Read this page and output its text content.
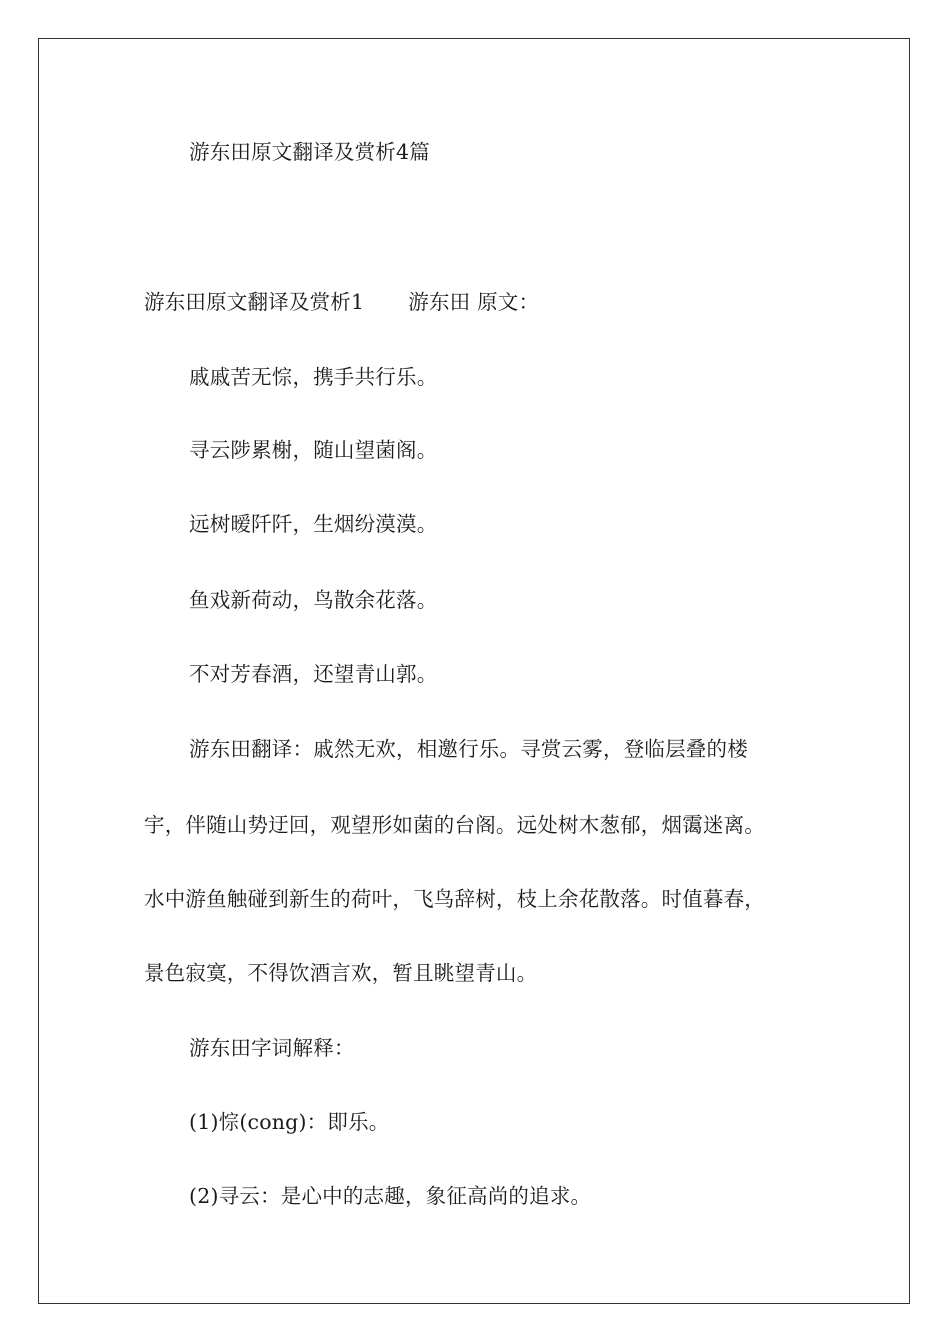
游东田原文翻译及赏析4篇
游东田原文翻译及赏析1 游东田 原文：
戚戚苦无悰，携手共行乐。
寻云陟累榭，随山望菌阁。
远树暧阡阡，生烟纷漠漠。
鱼戏新荷动，鸟散余花落。
不对芳春酒，还望青山郭。
游东田翻译：戚然无欢，相邀行乐。寻赏云雾，登临层叠的楼
宇，伴随山势迂回，观望形如菌的台阁。远处树木葱郁，烟霭迷离。
水中游鱼触碰到新生的荷叶，飞鸟辞树，枝上余花散落。时值暮春，
景色寂寞，不得饮酒言欢，暂且眺望青山。
游东田字词解释：
(1)悰(cong)：即乐。
(2)寻云：是心中的志趣，象征高尚的追求。
